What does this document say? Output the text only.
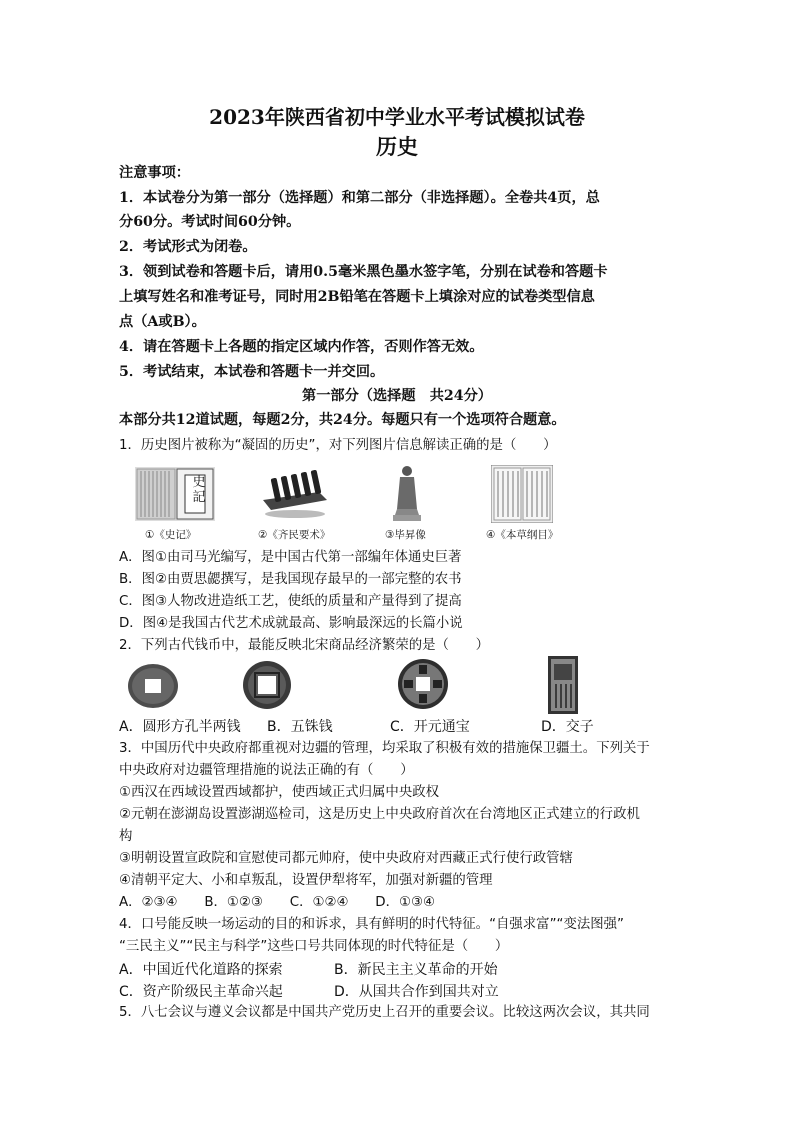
2023年陕西省初中学业水平考试模拟试卷
历史
注意事项：
1．本试卷分为第一部分（选择题）和第二部分（非选择题）。全卷共4页，总
分60分。考试时间60分钟。
2．考试形式为闭卷。
3．领到试卷和答题卡后，请用0.5毫米黑色墨水签字笔，分别在试卷和答题卡
上填写姓名和准考证号，同时用2B铅笔在答题卡上填涂对应的试卷类型信息
点（A或B）。
4．请在答题卡上各题的指定区域内作答，否则作答无效。
5．考试结束，本试卷和答题卡一并交回。
第一部分（选择题　共24分）
本部分共12道试题，每题2分，共24分。每题只有一个选项符合题意。
1．历史图片被称为“凝固的历史”，对下列图片信息解读正确的是（　　）
史記
①《史记》	②《齐民要术》	③毕昇像	④《本草纲目》
A．图①由司马光编写，是中国古代第一部编年体通史巨著
B．图②由贾思勰撰写，是我国现存最早的一部完整的农书
C．图③人物改进造纸工艺，使纸的质量和产量得到了提高
D．图④是我国古代艺术成就最高、影响最深远的长篇小说
2．下列古代钱币中，最能反映北宋商品经济繁荣的是（　　）
A．圆形方孔半两钱 B．五铢钱	C．开元通宝	D．交子
3．中国历代中央政府都重视对边疆的管理，均采取了积极有效的措施保卫疆土。下列关于
中央政府对边疆管理措施的说法正确的有（　　）
①西汉在西域设置西域都护，使西域正式归属中央政权
②元朝在澎湖岛设置澎湖巡检司，这是历史上中央政府首次在台湾地区正式建立的行政机
构
③明朝设置宣政院和宣慰使司都元帅府，使中央政府对西藏正式行使行政管辖
④清朝平定大、小和卓叛乱，设置伊犁将军，加强对新疆的管理
A．②③④　　B．①②③　　C．①②④　　D．①③④
4．口号能反映一场运动的目的和诉求，具有鲜明的时代特征。“自强求富”“变法图强”
“三民主义”“民主与科学”这些口号共同体现的时代特征是（　　）
A．中国近代化道路的探索	B．新民主主义革命的开始
C．资产阶级民主革命兴起	D．从国共合作到国共对立
5．八七会议与遵义会议都是中国共产党历史上召开的重要会议。比较这两次会议，其共同
